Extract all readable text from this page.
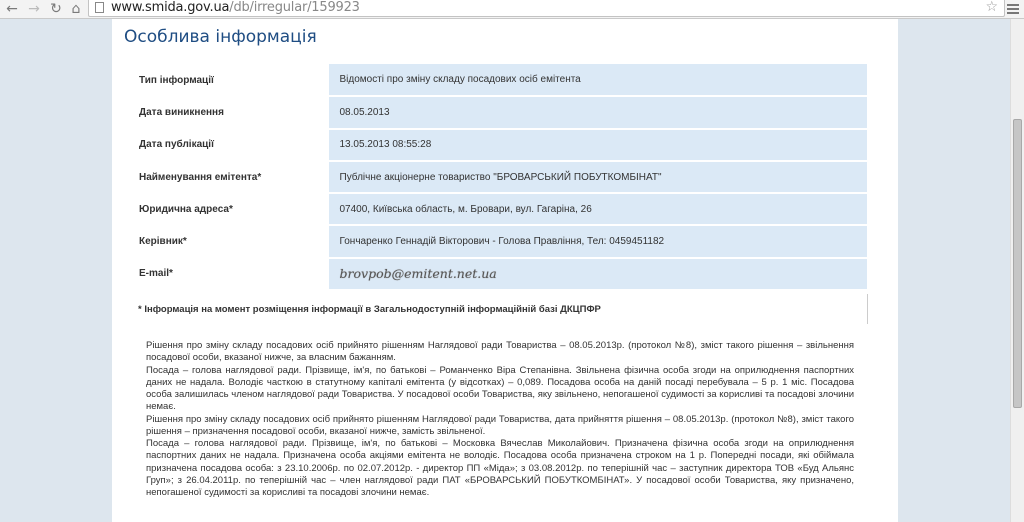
← → ↻ ⌂ www.smida.gov.ua/db/irregular/159923	☆
Особлива інформація
Тип інформації	Відомості про зміну складу посадових осіб емітента
Дата виникнення	08.05.2013
Дата публікації	13.05.2013 08:55:28
Найменування емітента*	Публічне акціонерне товариство "БРОВАРСЬКИЙ ПОБУТКОМБІНАТ"
Юридична адреса*	07400, Київська область, м. Бровари, вул. Гагаріна, 26
Керівник*	Гончаренко Геннадій Вікторович - Голова Правління, Тел: 0459451182
E-mail*	brovpob@emitent.net.ua
* Інформація на момент розміщення інформації в Загальнодоступній інформаційній базі ДКЦПФР

Рішення про зміну складу посадових осіб прийнято рішенням Наглядової ради Товариства – 08.05.2013р. (протокол №8), зміст такого рішення – звільнення посадової особи, вказаної нижче, за власним бажанням.

Посада – голова наглядової ради. Прізвище, ім'я, по батькові – Романченко Віра Степанівна. Звільнена фізична особа згоди на оприлюднення паспортних даних не надала. Володіє часткою в статутному капіталі емітента (у відсотках) – 0,089. Посадова особа на даній посаді перебувала – 5 р. 1 міс. Посадова особа залишилась членом наглядової ради Товариства. У посадової особи Товариства, яку звільнено, непогашеної судимості за корисливі та посадові злочини немає.

Рішення про зміну складу посадових осіб прийнято рішенням Наглядової ради Товариства, дата прийняття рішення – 08.05.2013р. (протокол №8), зміст такого рішення – призначення посадової особи, вказаної нижче, замість звільненої.

Посада – голова наглядової ради. Прізвище, ім'я, по батькові – Московка Вячеслав Миколайович. Призначена фізична особа згоди на оприлюднення паспортних даних не надала. Призначена особа акціями емітента не володіє. Посадова особа призначена строком на 1 р. Попередні посади, які обіймала призначена посадова особа: з 23.10.2006р. по 02.07.2012р. - директор ПП «Міда»; з 03.08.2012р. по теперішній час – заступник директора ТОВ «Буд Альянс Груп»; з 26.04.2011р. по теперішній час – член наглядової ради ПАТ «БРОВАРСЬКИЙ ПОБУТКОМБІНАТ». У посадової особи Товариства, яку призначено, непогашеної судимості за корисливі та посадові злочини немає.
